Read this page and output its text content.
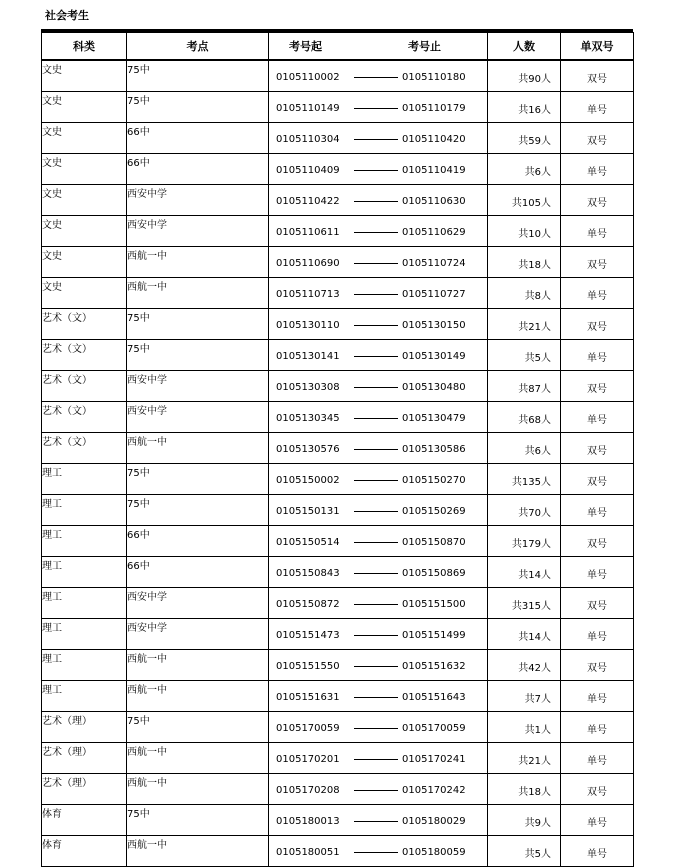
社会考生
科类	考点	考号起 考号止	人数	单双号
文史	75中	0105110002 0105110180	共90人	双号
文史	75中	0105110149 0105110179	共16人	单号
文史	66中	0105110304 0105110420	共59人	双号
文史	66中	0105110409 0105110419	共6人	单号
文史	西安中学	0105110422 0105110630	共105人	双号
文史	西安中学	0105110611 0105110629	共10人	单号
文史	西航一中	0105110690 0105110724	共18人	双号
文史	西航一中	0105110713 0105110727	共8人	单号
艺术（文）	75中	0105130110 0105130150	共21人	双号
艺术（文）	75中	0105130141 0105130149	共5人	单号
艺术（文）	西安中学	0105130308 0105130480	共87人	双号
艺术（文）	西安中学	0105130345 0105130479	共68人	单号
艺术（文）	西航一中	0105130576 0105130586	共6人	双号
理工	75中	0105150002 0105150270	共135人	双号
理工	75中	0105150131 0105150269	共70人	单号
理工	66中	0105150514 0105150870	共179人	双号
理工	66中	0105150843 0105150869	共14人	单号
理工	西安中学	0105150872 0105151500	共315人	双号
理工	西安中学	0105151473 0105151499	共14人	单号
理工	西航一中	0105151550 0105151632	共42人	双号
理工	西航一中	0105151631 0105151643	共7人	单号
艺术（理）	75中	0105170059 0105170059	共1人	单号
艺术（理）	西航一中	0105170201 0105170241	共21人	单号
艺术（理）	西航一中	0105170208 0105170242	共18人	双号
体育	75中	0105180013 0105180029	共9人	单号
体育	西航一中	0105180051 0105180059	共5人	单号
